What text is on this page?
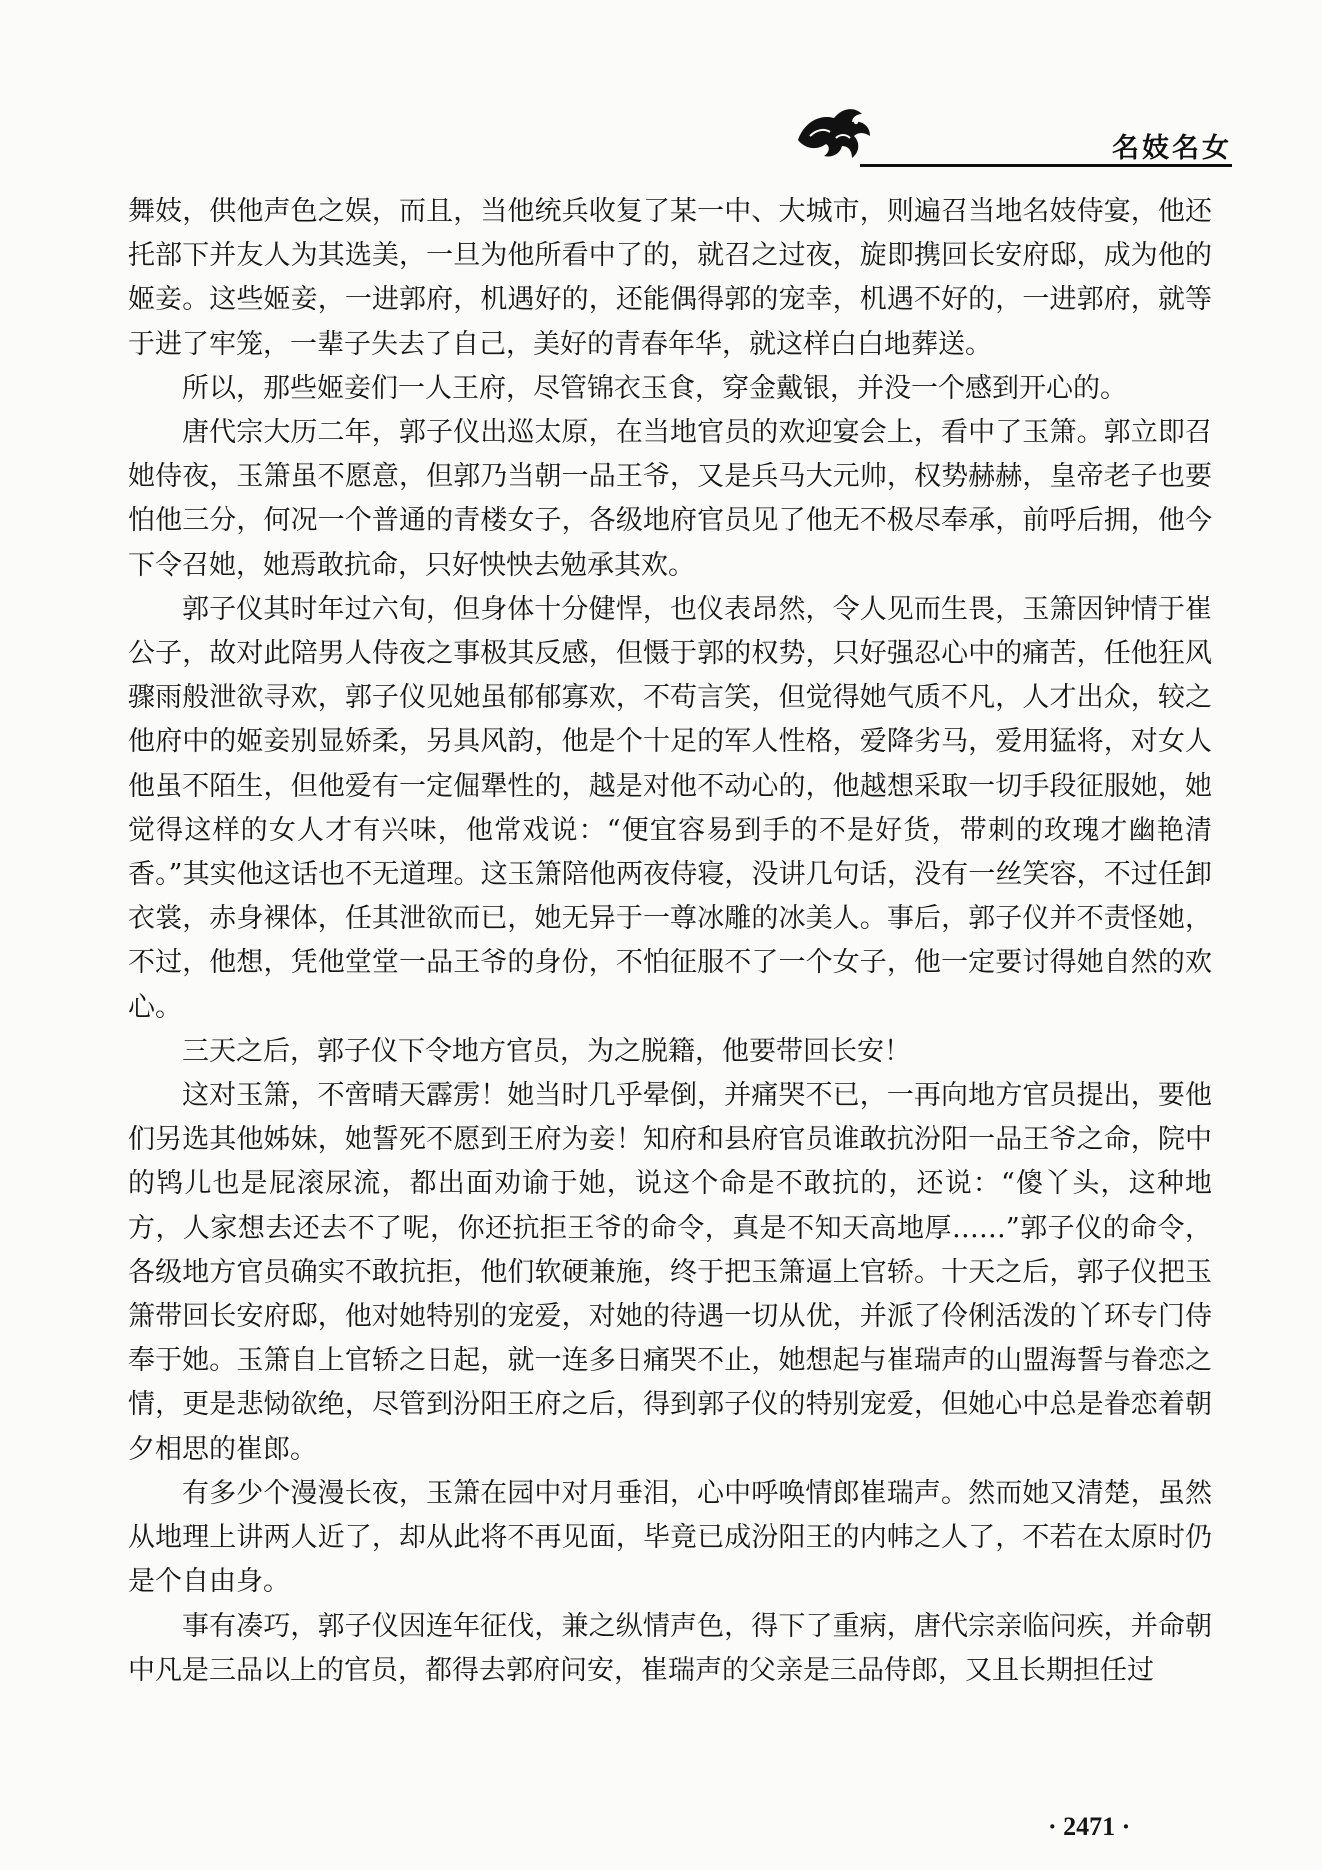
名妓名女

舞妓，供他声色之娱，而且，当他统兵收复了某一中、大城市，则遍召当地名妓侍宴，他还托部下并友人为其选美，一旦为他所看中了的，就召之过夜，旋即携回长安府邸，成为他的姬妾。这些姬妾，一进郭府，机遇好的，还能偶得郭的宠幸，机遇不好的，一进郭府，就等于进了牢笼，一辈子失去了自己，美好的青春年华，就这样白白地葬送。

所以，那些姬妾们一人王府，尽管锦衣玉食，穿金戴银，并没一个感到开心的。

唐代宗大历二年，郭子仪出巡太原，在当地官员的欢迎宴会上，看中了玉箫。郭立即召她侍夜，玉箫虽不愿意，但郭乃当朝一品王爷，又是兵马大元帅，权势赫赫，皇帝老子也要怕他三分，何况一个普通的青楼女子，各级地府官员见了他无不极尽奉承，前呼后拥，他今下令召她，她焉敢抗命，只好怏怏去勉承其欢。

郭子仪其时年过六旬，但身体十分健悍，也仪表昂然，令人见而生畏，玉箫因钟情于崔公子，故对此陪男人侍夜之事极其反感，但慑于郭的权势，只好强忍心中的痛苦，任他狂风骤雨般泄欲寻欢，郭子仪见她虽郁郁寡欢，不苟言笑，但觉得她气质不凡，人才出众，较之他府中的姬妾别显娇柔，另具风韵，他是个十足的军人性格，爱降劣马，爱用猛将，对女人他虽不陌生，但他爱有一定倔犟性的，越是对他不动心的，他越想采取一切手段征服她，她觉得这样的女人才有兴味，他常戏说：“便宜容易到手的不是好货，带刺的玫瑰才幽艳清香。”其实他这话也不无道理。这玉箫陪他两夜侍寝，没讲几句话，没有一丝笑容，不过任卸衣裳，赤身裸体，任其泄欲而已，她无异于一尊冰雕的冰美人。事后，郭子仪并不责怪她，不过，他想，凭他堂堂一品王爷的身份，不怕征服不了一个女子，他一定要讨得她自然的欢心。

三天之后，郭子仪下令地方官员，为之脱籍，他要带回长安！

这对玉箫，不啻晴天霹雳！她当时几乎晕倒，并痛哭不已，一再向地方官员提出，要他们另选其他姊妹，她誓死不愿到王府为妾！知府和县府官员谁敢抗汾阳一品王爷之命，院中的鸨儿也是屁滚尿流，都出面劝谕于她，说这个命是不敢抗的，还说：“傻丫头，这种地方，人家想去还去不了呢，你还抗拒王爷的命令，真是不知天高地厚……”郭子仪的命令，各级地方官员确实不敢抗拒，他们软硬兼施，终于把玉箫逼上官轿。十天之后，郭子仪把玉箫带回长安府邸，他对她特别的宠爱，对她的待遇一切从优，并派了伶俐活泼的丫环专门侍奉于她。玉箫自上官轿之日起，就一连多日痛哭不止，她想起与崔瑞声的山盟海誓与眷恋之情，更是悲恸欲绝，尽管到汾阳王府之后，得到郭子仪的特别宠爱，但她心中总是眷恋着朝夕相思的崔郎。

有多少个漫漫长夜，玉箫在园中对月垂泪，心中呼唤情郎崔瑞声。然而她又清楚，虽然从地理上讲两人近了，却从此将不再见面，毕竟已成汾阳王的内帏之人了，不若在太原时仍是个自由身。

事有凑巧，郭子仪因连年征伐，兼之纵情声色，得下了重病，唐代宗亲临问疾，并命朝中凡是三品以上的官员，都得去郭府问安，崔瑞声的父亲是三品侍郎，又且长期担任过

· 2471 ·
